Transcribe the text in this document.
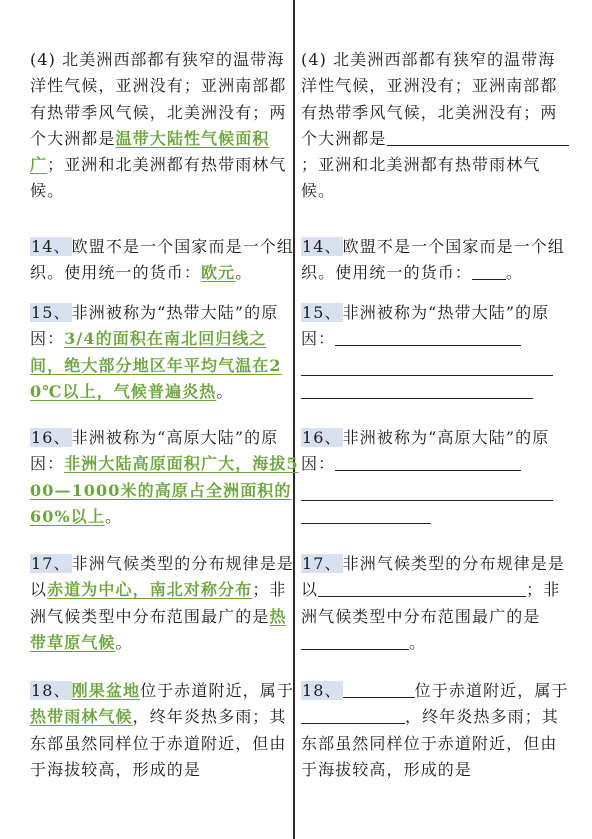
(4) 北美洲西部都有狭窄的温带海洋性气候，亚洲没有；亚洲南部都有热带季风气候，北美洲没有；两个大洲都是温带大陆性气候面积广；亚洲和北美洲都有热带雨林气候。
14、欧盟不是一个国家而是一个组织。使用统一的货币：欧元。
15、非洲被称为“热带大陆”的原因：3/4的面积在南北回归线之间，绝大部分地区年平均气温在20℃以上，气候普遍炎热。
16、非洲被称为“高原大陆”的原因：非洲大陆高原面积广大，海拔500—1000米的高原占全洲面积的60%以上。
17、非洲气候类型的分布规律是是以赤道为中心，南北对称分布；非洲气候类型中分布范围最广的是热带草原气候。
18、刚果盆地位于赤道附近，属于热带雨林气候，终年炎热多雨；其东部虽然同样位于赤道附近，但由于海拔较高，形成的是
(4) 北美洲西部都有狭窄的温带海洋性气候，亚洲没有；亚洲南部都有热带季风气候，北美洲没有；两个大洲都是；亚洲和北美洲都有热带雨林气候。
14、欧盟不是一个国家而是一个组织。使用统一的货币： 。
15、非洲被称为“热带大陆”的原因：
16、非洲被称为“高原大陆”的原因：
17、非洲气候类型的分布规律是是以	；非洲气候类型中分布范围最广的是。
18、	位于赤道附近，属于，终年炎热多雨；其东部虽然同样位于赤道附近，但由于海拔较高，形成的是
